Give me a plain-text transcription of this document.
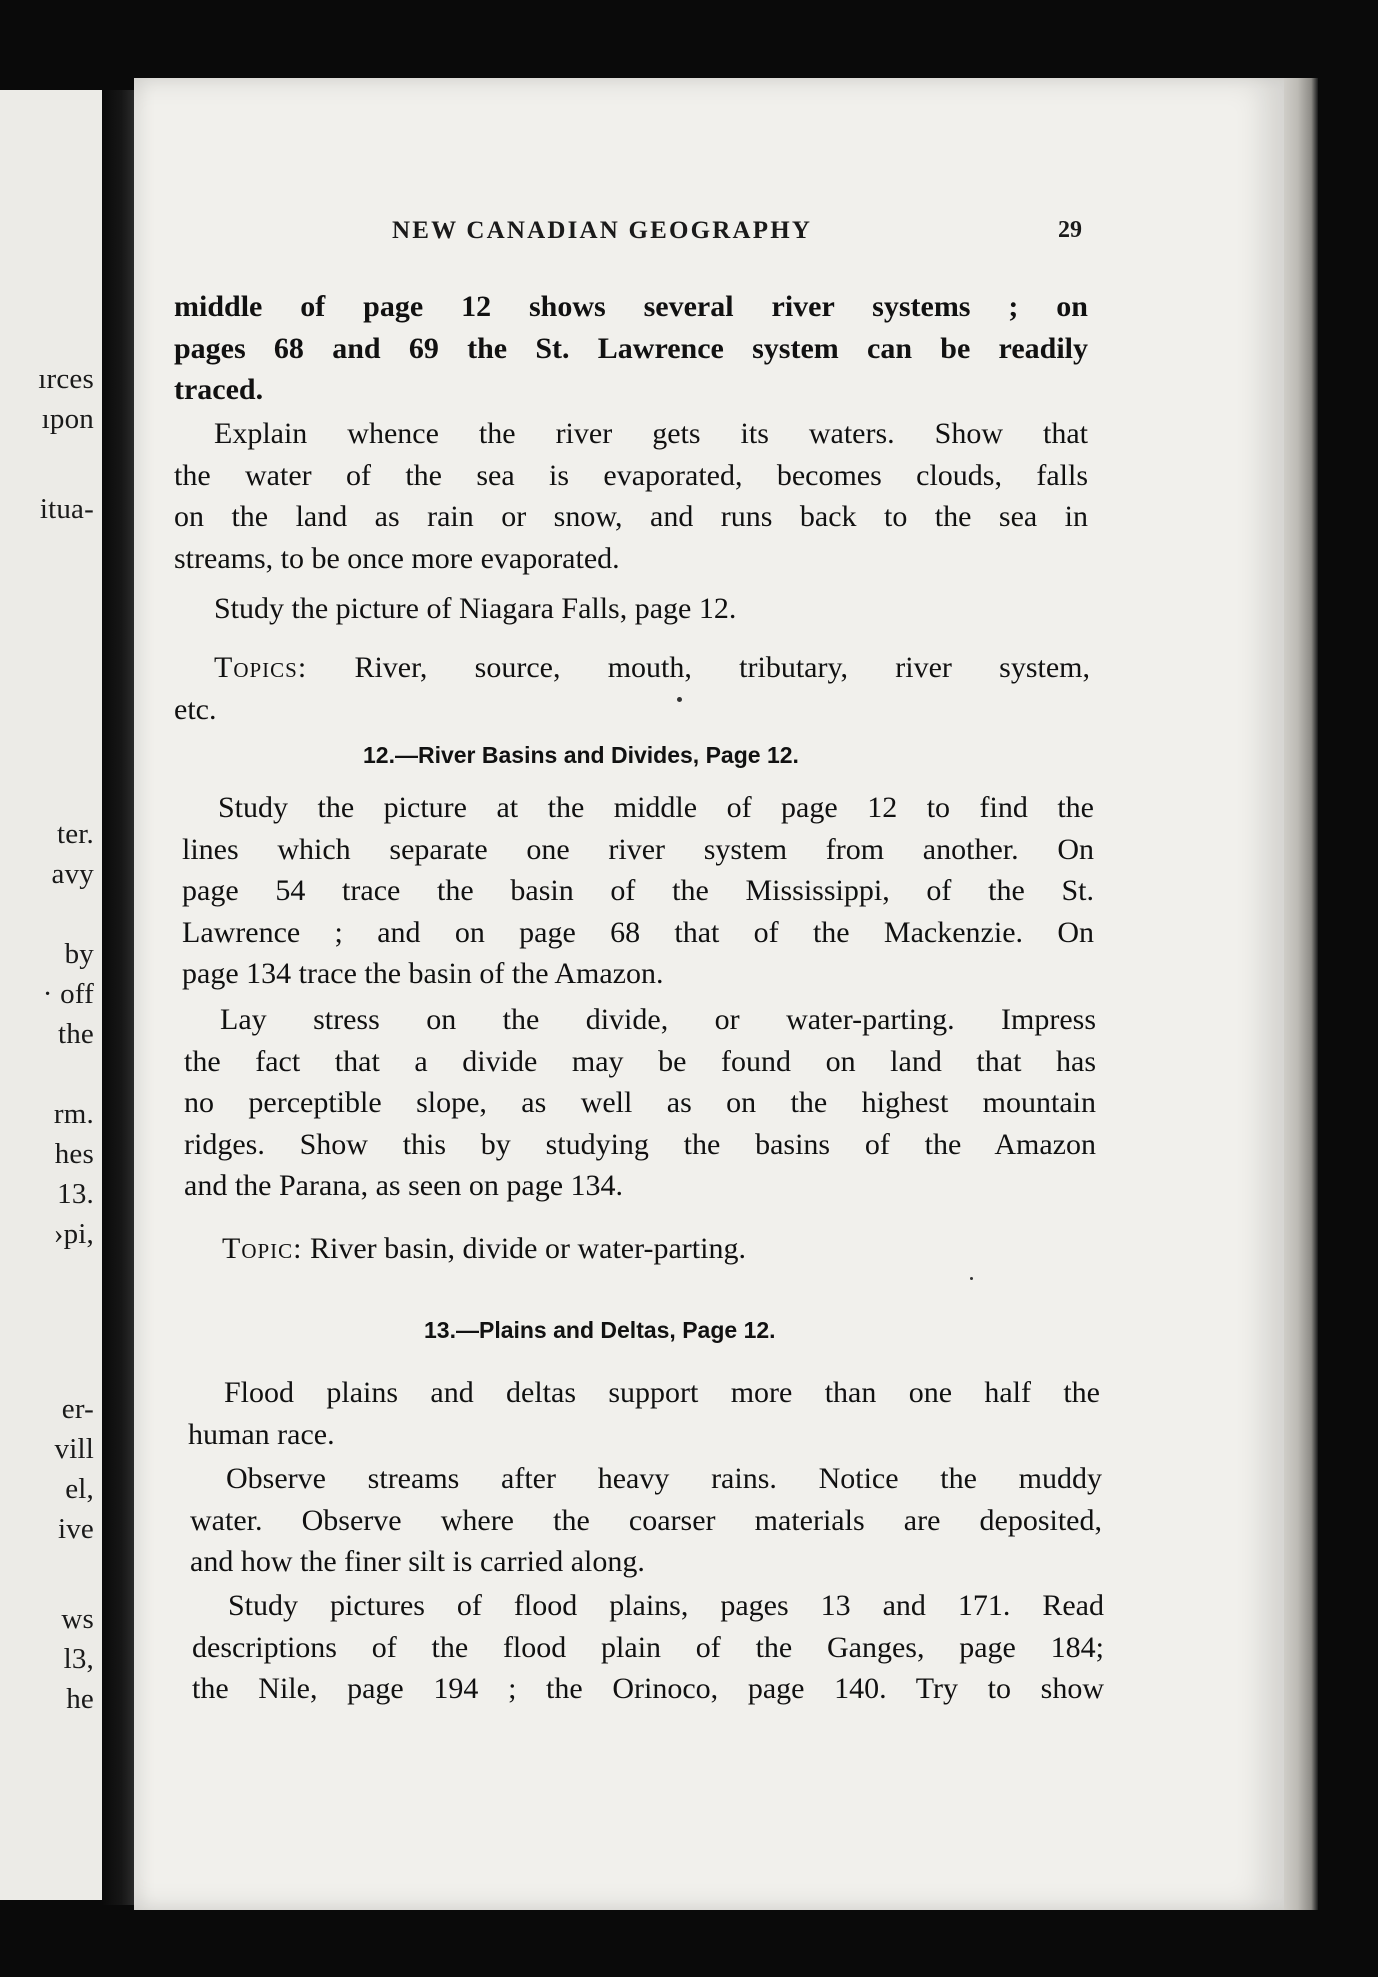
ırces
ıpon
itua-
ter.
avy
by
· off
the
rm.
hes
13.
›pi,
er-
vill
el,
ive
ws
l3,
he
NEW CANADIAN GEOGRAPHY	29
middle of page 12 shows several river systems ; on
pages 68 and 69 the St. Lawrence system can be readily
traced.
Explain whence the river gets its waters. Show that
the water of the sea is evaporated, becomes clouds, falls
on the land as rain or snow, and runs back to the sea in
streams, to be once more evaporated.
Study the picture of Niagara Falls, page 12.
Topics: River, source, mouth, tributary, river system,
etc.
12.—River Basins and Divides, Page 12.
Study the picture at the middle of page 12 to find the
lines which separate one river system from another. On
page 54 trace the basin of the Mississippi, of the St.
Lawrence ; and on page 68 that of the Mackenzie. On
page 134 trace the basin of the Amazon.
Lay stress on the divide, or water-parting. Impress
the fact that a divide may be found on land that has
no perceptible slope, as well as on the highest mountain
ridges. Show this by studying the basins of the Amazon
and the Parana, as seen on page 134.
Topic: River basin, divide or water-parting.
13.—Plains and Deltas, Page 12.
Flood plains and deltas support more than one half the
human race.
Observe streams after heavy rains. Notice the muddy
water. Observe where the coarser materials are deposited,
and how the finer silt is carried along.
Study pictures of flood plains, pages 13 and 171. Read
descriptions of the flood plain of the Ganges, page 184;
the Nile, page 194 ; the Orinoco, page 140. Try to show
